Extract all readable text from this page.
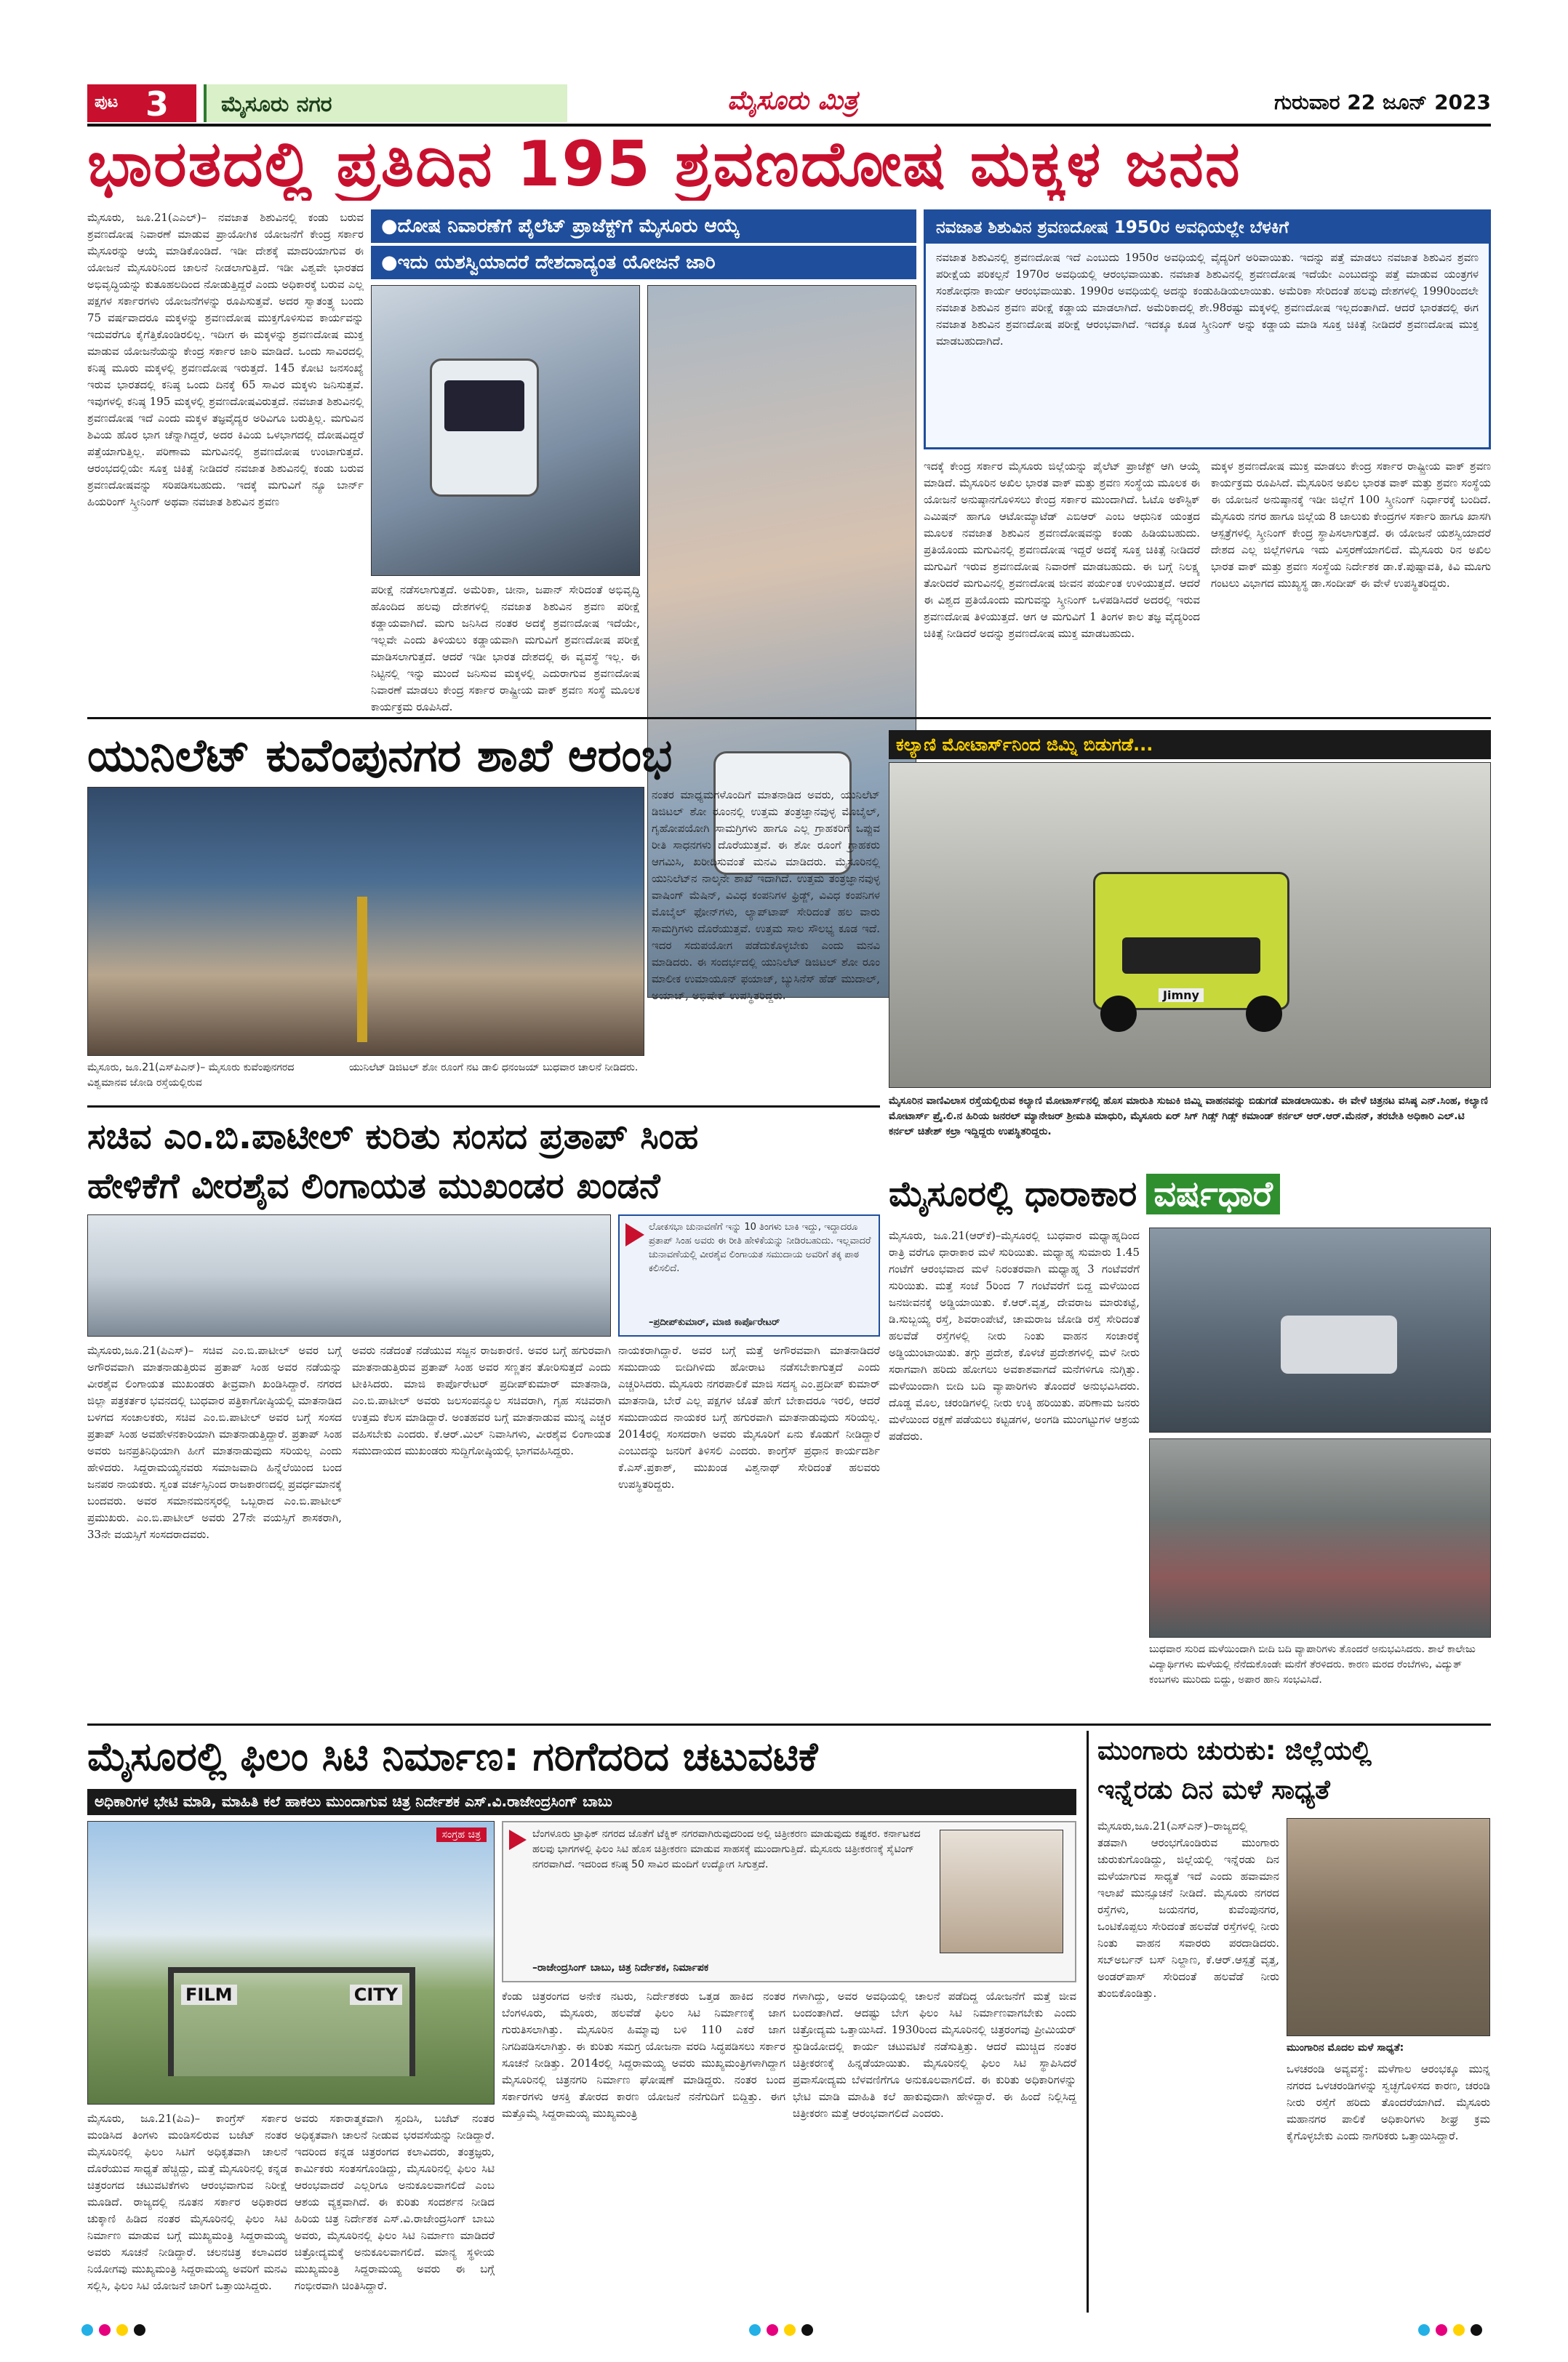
ಪುಟ 3 ಮೈಸೂರು ನಗರ	ಮೈಸೂರು ಮಿತ್ರ	ಗುರುವಾರ 22 ಜೂನ್ 2023
ಭಾರತದಲ್ಲಿ ಪ್ರತಿದಿನ 195 ಶ್ರವಣದೋಷ ಮಕ್ಕಳ ಜನನ

ಮೈಸೂರು, ಜೂ.21(ಎಎಲ್)– ನವಜಾತ ಶಿಶುವಿನಲ್ಲಿ ಕಂಡು ಬರುವ ಶ್ರವಣದೋಷ ನಿವಾರಣೆ ಮಾಡುವ ಪ್ರಾಯೋಗಿಕ ಯೋಜನೆಗೆ ಕೇಂದ್ರ ಸರ್ಕಾರ ಮೈಸೂರನ್ನು ಆಯ್ಕೆ ಮಾಡಿಕೊಂಡಿದೆ. ಇಡೀ ದೇಶಕ್ಕೆ ಮಾದರಿಯಾಗುವ ಈ ಯೋಜನೆ ಮೈಸೂರಿನಿಂದ ಚಾಲನೆ ನೀಡಲಾಗುತ್ತಿದೆ. ಇಡೀ ವಿಶ್ವವೇ ಭಾರತದ ಅಭಿವೃದ್ಧಿಯನ್ನು ಕುತೂಹಲದಿಂದ ನೋಡುತ್ತಿದ್ದರೆ ಎಂದು ಅಧಿಕಾರಕ್ಕೆ ಬರುವ ಎಲ್ಲ ಪಕ್ಷಗಳ ಸರ್ಕಾರಗಳು ಯೋಜನೆಗಳನ್ನು ರೂಪಿಸುತ್ತವೆ. ಅದರ ಸ್ವಾತಂತ್ರ್ಯ ಬಂದು 75 ವರ್ಷವಾದರೂ ಮಕ್ಕಳನ್ನು ಶ್ರವಣದೋಷ ಮುಕ್ತಗೊಳಿಸುವ ಕಾರ್ಯವನ್ನು ಇದುವರೆಗೂ ಕೈಗೆತ್ತಿಕೊಂಡಿರಲಿಲ್ಲ. ಇದೀಗ ಈ ಮಕ್ಕಳನ್ನು ಶ್ರವಣದೋಷ ಮುಕ್ತ ಮಾಡುವ ಯೋಜನೆಯನ್ನು ಕೇಂದ್ರ ಸರ್ಕಾರ ಜಾರಿ ಮಾಡಿದೆ. ಒಂದು ಸಾವಿರದಲ್ಲಿ ಕನಿಷ್ಠ ಮೂರು ಮಕ್ಕಳಲ್ಲಿ ಶ್ರವಣದೋಷ ಇರುತ್ತದೆ. 145 ಕೋಟಿ ಜನಸಂಖ್ಯೆ ಇರುವ ಭಾರತದಲ್ಲಿ ಕನಿಷ್ಠ ಒಂದು ದಿನಕ್ಕೆ 65 ಸಾವಿರ ಮಕ್ಕಳು ಜನಿಸುತ್ತವೆ. ಇವುಗಳಲ್ಲಿ ಕನಿಷ್ಠ 195 ಮಕ್ಕಳಲ್ಲಿ ಶ್ರವಣದೋಷವಿರುತ್ತದೆ. ನವಜಾತ ಶಿಶುವಿನಲ್ಲಿ ಶ್ರವಣದೋಷ ಇದೆ ಎಂದು ಮಕ್ಕಳ ತಜ್ಞವೈದ್ಯರ ಅರಿವಿಗೂ ಬರುತ್ತಿಲ್ಲ. ಮಗುವಿನ ಶಿವಿಯ ಹೊರ ಭಾಗ ಚೆನ್ನಾಗಿದ್ದರೆ, ಅದರ ಕಿವಿಯ ಒಳಭಾಗದಲ್ಲಿ ದೋಷವಿದ್ದರೆ ಪತ್ತೆಯಾಗುತ್ತಿಲ್ಲ. ಪರಿಣಾಮ ಮಗುವಿನಲ್ಲಿ ಶ್ರವಣದೋಷ ಉಂಟಾಗುತ್ತದೆ. ಆರಂಭದಲ್ಲಿಯೇ ಸೂಕ್ತ ಚಿಕಿತ್ಸೆ ನೀಡಿದರೆ ನವಜಾತ ಶಿಶುವಿನಲ್ಲಿ ಕಂಡು ಬರುವ ಶ್ರವಣದೋಷವನ್ನು ಸರಿಪಡಿಸಬಹುದು. ಇದಕ್ಕೆ ಮಗುವಿಗೆ ನ್ಯೂ ಬಾರ್ನ್ ಹಿಯರಿಂಗ್ ಸ್ಕ್ರೀನಿಂಗ್ ಅಥವಾ ನವಜಾತ ಶಿಶುವಿನ ಶ್ರವಣ

●ದೋಷ ನಿವಾರಣೆಗೆ ಪೈಲೆಟ್ ಪ್ರಾಜೆಕ್ಟ್‌ಗೆ ಮೈಸೂರು ಆಯ್ಕೆ
●ಇದು ಯಶಸ್ವಿಯಾದರೆ ದೇಶದಾದ್ಯಂತ ಯೋಜನೆ ಜಾರಿ

ಪರೀಕ್ಷೆ ನಡೆಸಲಾಗುತ್ತದೆ. ಅಮೆರಿಕಾ, ಚೀನಾ, ಜಪಾನ್ ಸೇರಿದಂತೆ ಅಭಿವೃದ್ಧಿ ಹೊಂದಿದ ಹಲವು ದೇಶಗಳಲ್ಲಿ ನವಜಾತ ಶಿಶುವಿನ ಶ್ರವಣ ಪರೀಕ್ಷೆ ಕಡ್ಡಾಯವಾಗಿದೆ. ಮಗು ಜನಿಸಿದ ನಂತರ ಅದಕ್ಕೆ ಶ್ರವಣದೋಷ ಇದೆಯೇ, ಇಲ್ಲವೇ ಎಂದು ತಿಳಿಯಲು ಕಡ್ಡಾಯವಾಗಿ ಮಗುವಿಗೆ ಶ್ರವಣದೋಷ ಪರೀಕ್ಷೆ ಮಾಡಿಸಲಾಗುತ್ತದೆ. ಆದರೆ ಇಡೀ ಭಾರತ ದೇಶದಲ್ಲಿ ಈ ವ್ಯವಸ್ಥೆ ಇಲ್ಲ. ಈ ನಿಟ್ಟಿನಲ್ಲಿ ಇನ್ನು ಮುಂದೆ ಜನಿಸುವ ಮಕ್ಕಳಲ್ಲಿ ಎದುರಾಗುವ ಶ್ರವಣದೋಷ ನಿವಾರಣೆ ಮಾಡಲು ಕೇಂದ್ರ ಸರ್ಕಾರ ರಾಷ್ಟ್ರೀಯ ವಾಕ್ ಶ್ರವಣ ಸಂಸ್ಥೆ ಮೂಲಕ ಕಾರ್ಯಕ್ರಮ ರೂಪಿಸಿದೆ.

ನವಜಾತ ಶಿಶುವಿನ ಶ್ರವಣದೋಷ 1950ರ ಅವಧಿಯಲ್ಲೇ ಬೆಳಕಿಗೆ

ನವಜಾತ ಶಿಶುವಿನಲ್ಲಿ ಶ್ರವಣದೋಷ ಇದೆ ಎಂಬುದು 1950ರ ಅವಧಿಯಲ್ಲಿ ವೈದ್ಯರಿಗೆ ಅರಿವಾಯಿತು. ಇದನ್ನು ಪತ್ತೆ ಮಾಡಲು ನವಜಾತ ಶಿಶುವಿನ ಶ್ರವಣ ಪರೀಕ್ಷೆಯ ಪರಿಕಲ್ಪನೆ 1970ರ ಅವಧಿಯಲ್ಲಿ ಆರಂಭವಾಯಿತು. ನವಜಾತ ಶಿಶುವಿನಲ್ಲಿ ಶ್ರವಣದೋಷ ಇದೆಯೇ ಎಂಬುದನ್ನು ಪತ್ತೆ ಮಾಡುವ ಯಂತ್ರಗಳ ಸಂಶೋಧನಾ ಕಾರ್ಯ ಆರಂಭವಾಯಿತು. 1990ರ ಅವಧಿಯಲ್ಲಿ ಅದನ್ನು ಕಂಡುಹಿಡಿಯಲಾಯಿತು. ಅಮೆರಿಕಾ ಸೇರಿದಂತೆ ಹಲವು ದೇಶಗಳಲ್ಲಿ 1990ರಿಂದಲೇ ನವಜಾತ ಶಿಶುವಿನ ಶ್ರವಣ ಪರೀಕ್ಷೆ ಕಡ್ಡಾಯ ಮಾಡಲಾಗಿದೆ. ಅಮೆರಿಕಾದಲ್ಲಿ ಶೇ.98ರಷ್ಟು ಮಕ್ಕಳಲ್ಲಿ ಶ್ರವಣದೋಷ ಇಲ್ಲದಂತಾಗಿದೆ. ಆದರೆ ಭಾರತದಲ್ಲಿ ಈಗ ನವಜಾತ ಶಿಶುವಿನ ಶ್ರವಣದೋಷ ಪರೀಕ್ಷೆ ಆರಂಭವಾಗಿದೆ. ಇದಕ್ಕೂ ಕೂಡ ಸ್ಕ್ರೀನಿಂಗ್ ಅನ್ನು ಕಡ್ಡಾಯ ಮಾಡಿ ಸೂಕ್ತ ಚಿಕಿತ್ಸೆ ನೀಡಿದರೆ ಶ್ರವಣದೋಷ ಮುಕ್ತ ಮಾಡಬಹುದಾಗಿದೆ.

ಇದಕ್ಕೆ ಕೇಂದ್ರ ಸರ್ಕಾರ ಮೈಸೂರು ಜಿಲ್ಲೆಯನ್ನು ಪೈಲೆಟ್ ಪ್ರಾಜೆಕ್ಟ್ ಆಗಿ ಆಯ್ಕೆ ಮಾಡಿದೆ. ಮೈಸೂರಿನ ಅಖಿಲ ಭಾರತ ವಾಕ್ ಮತ್ತು ಶ್ರವಣ ಸಂಸ್ಥೆಯ ಮೂಲಕ ಈ ಯೋಜನೆ ಅನುಷ್ಠಾನಗೊಳಿಸಲು ಕೇಂದ್ರ ಸರ್ಕಾರ ಮುಂದಾಗಿದೆ. ಓಟೊ ಅಕೌಸ್ಟಿಕ್ ಎಮಿಷನ್ ಹಾಗೂ ಆಟೋಮ್ಯಾಟೆಡ್ ಎಬಿಆರ್ ಎಂಬ ಆಧುನಿಕ ಯಂತ್ರದ ಮೂಲಕ ನವಜಾತ ಶಿಶುವಿನ ಶ್ರವಣದೋಷವನ್ನು ಕಂಡು ಹಿಡಿಯಬಹುದು. ಪ್ರತಿಯೊಂದು ಮಗುವಿನಲ್ಲಿ ಶ್ರವಣದೋಷ ಇದ್ದರೆ ಅದಕ್ಕೆ ಸೂಕ್ತ ಚಿಕಿತ್ಸೆ ನೀಡಿದರೆ ಮಗುವಿಗೆ ಇರುವ ಶ್ರವಣದೋಷ ನಿವಾರಣೆ ಮಾಡಬಹುದು. ಈ ಬಗ್ಗೆ ನಿಲಕ್ಷ್ಯ ತೋರಿದರೆ ಮಗುವಿನಲ್ಲಿ ಶ್ರವಣದೋಷ ಜೀವನ ಪರ್ಯಂತ ಉಳಿಯುತ್ತದೆ. ಆದರೆ ಈ ವಿಶ್ವದ ಪ್ರತಿಯೊಂದು ಮಗುವನ್ನು ಸ್ಕ್ರೀನಿಂಗ್ ಒಳಪಡಿಸಿದರೆ ಅದರಲ್ಲಿ ಇರುವ ಶ್ರವಣದೋಷ ತಿಳಿಯುತ್ತದೆ. ಆಗ ಆ ಮಗುವಿಗೆ 1 ತಿಂಗಳ ಕಾಲ ತಜ್ಞ ವೈದ್ಯರಿಂದ ಚಿಕಿತ್ಸೆ ನೀಡಿದರೆ ಅದನ್ನು ಶ್ರವಣದೋಷ ಮುಕ್ತ ಮಾಡಬಹುದು.

ಮಕ್ಕಳ ಶ್ರವಣದೋಷ ಮುಕ್ತ ಮಾಡಲು ಕೇಂದ್ರ ಸರ್ಕಾರ ರಾಷ್ಟ್ರೀಯ ವಾಕ್ ಶ್ರವಣ ಕಾರ್ಯಕ್ರಮ ರೂಪಿಸಿದೆ. ಮೈಸೂರಿನ ಅಖಿಲ ಭಾರತ ವಾಕ್ ಮತ್ತು ಶ್ರವಣ ಸಂಸ್ಥೆಯ ಈ ಯೋಜನೆ ಅನುಷ್ಠಾನಕ್ಕೆ ಇಡೀ ಜಿಲ್ಲೆಗೆ 100 ಸ್ಕ್ರೀನಿಂಗ್ ನಿರ್ಧಾರಕ್ಕೆ ಬಂದಿದೆ. ಮೈಸೂರು ನಗರ ಹಾಗೂ ಜಿಲ್ಲೆಯ 8 ಜಾಲುಕು ಕೇಂದ್ರಗಳ ಸರ್ಕಾರಿ ಹಾಗೂ ಖಾಸಗಿ ಆಸ್ಪತ್ರೆಗಳಲ್ಲಿ ಸ್ಕ್ರೀನಿಂಗ್ ಕೇಂದ್ರ ಸ್ಥಾಪಿಸಲಾಗುತ್ತದೆ. ಈ ಯೋಜನೆ ಯಶಸ್ವಿಯಾದರೆ ದೇಶದ ಎಲ್ಲ ಜಿಲ್ಲೆಗಳಿಗೂ ಇದು ವಿಸ್ತರಣೆಯಾಗಲಿದೆ. ಮೈಸೂರು ರಿನ ಅಖಿಲ ಭಾರತ ವಾಕ್ ಮತ್ತು ಶ್ರವಣ ಸಂಸ್ಥೆಯ ನಿರ್ದೇಶಕ ಡಾ.ಕೆ.ಪುಷ್ಪಾವತಿ, ಕಿವಿ ಮೂಗು ಗಂಟಲು ವಿಭಾಗದ ಮುಖ್ಯಸ್ಥ ಡಾ.ಸಂದೀಪ್ ಈ ವೇಳೆ ಉಪಸ್ಥಿತರಿದ್ದರು.

ಯುನಿಲೆಟ್ ಕುವೆಂಪುನಗರ ಶಾಖೆ ಆರಂಭ
ಮೈಸೂರು, ಜೂ.21(ಎಸ್‌ಪಿಎನ್)– ಮೈಸೂರು ಕುವೆಂಪುನಗರದ ವಿಶ್ವಮಾನವ ಜೋಡಿ ರಸ್ತೆಯಲ್ಲಿರುವ
ಯುನಿಲೆಟ್ ಡಿಜಿಟಲ್ ಶೋ ರೂಂಗೆ ನಟ ಡಾಲಿ ಧನಂಜಯ್ ಬುಧವಾರ ಚಾಲನೆ ನೀಡಿದರು.

ನಂತರ ಮಾಧ್ಯಮಗಳೊಂದಿಗೆ ಮಾತನಾಡಿದ ಅವರು, ಯುನಿಲೆಟ್ ಡಿಜಿಟಲ್ ಶೋ ರೂಂನಲ್ಲಿ ಉತ್ತಮ ತಂತ್ರಜ್ಞಾನವುಳ್ಳ ಮೊಬೈಲ್, ಗೃಹೋಪಯೋಗಿ ಸಾಮಗ್ರಿಗಳು ಹಾಗೂ ಎಲ್ಲ ಗ್ರಾಹಕರಿಗೆ ಒಪ್ಪುವ ರೀತಿ ಸಾಧನಗಳು ದೊರೆಯುತ್ತವೆ. ಈ ಶೋ ರೂಂಗೆ ಗ್ರಾಹಕರು ಆಗಮಿಸಿ, ಖರೀದಿಸುವಂತೆ ಮನವಿ ಮಾಡಿದರು. ಮೈಸೂರಿನಲ್ಲಿ ಯುನಿಲೆಟ್‌ನ ನಾಲ್ಕನೇ ಶಾಖೆ ಇದಾಗಿದೆ. ಉತ್ತಮ ತಂತ್ರಜ್ಞಾನವುಳ್ಳ ವಾಷಿಂಗ್ ಮೆಷಿನ್, ವಿವಿಧ ಕಂಪನಿಗಳ ಫ್ರಿಡ್ಜ್, ವಿವಿಧ ಕಂಪನಿಗಳ ಮೊಬೈಲ್ ಫೋನ್‌ಗಳು, ಲ್ಯಾಪ್‌ಟಾಪ್ ಸೇರಿದಂತೆ ಹಲ ವಾರು ಸಾಮಗ್ರಿಗಳು ದೊರೆಯುತ್ತವೆ. ಉತ್ತಮ ಸಾಲ ಸೌಲಭ್ಯ ಕೂಡ ಇದೆ. ಇದರ ಸದುಪಯೋಗ ಪಡೆದುಕೊಳ್ಳಬೇಕು ಎಂದು ಮನವಿ ಮಾಡಿದರು. ಈ ಸಂದರ್ಭದಲ್ಲಿ ಯುನಿಲೆಟ್ ಡಿಜಿಟಲ್ ಶೋ ರೂಂ ಮಾಲೀಕ ಉಮಾಯೂನ್ ಫಯಾಜ್, ಬ್ಯುಸಿನೆಸ್ ಹೆಡ್ ಮುದಾಲ್, ಅಯಾಜ್, ಅಭಿಷೇಕ್ ಉಪಸ್ಥಿತರಿದ್ದರು.

ಕಲ್ಯಾಣಿ ಮೋಟಾರ್ಸ್‌ನಿಂದ ಜಿಮ್ನಿ ಬಿಡುಗಡೆ...
Jimny
ಮೈಸೂರಿನ ವಾಣಿವಿಲಾಸ ರಸ್ತೆಯಲ್ಲಿರುವ ಕಲ್ಯಾಣಿ ಮೋಟಾರ್ಸ್‌ನಲ್ಲಿ ಹೊಸ ಮಾರುತಿ ಸುಜುಕಿ ಜಿಮ್ನಿ ವಾಹನವನ್ನು ಬಿಡುಗಡೆ ಮಾಡಲಾಯಿತು. ಈ ವೇಳೆ ಚಿತ್ರನಟ ವಸಿಷ್ಠ ಎನ್.ಸಿಂಹ, ಕಲ್ಯಾಣಿ ಮೋಟಾರ್ಸ್ ಪ್ರೈ.ಲಿ.ನ ಹಿರಿಯ ಜನರಲ್ ಮ್ಯಾನೇಜರ್ ಶ್ರೀಮತಿ ಮಾಧುರಿ, ಮೈಸೂರು ಏರ್ ಸಿಗ್ ಗಿಡ್ಸ್ ಗಿಡ್ಸ್‌ ಕಮಾಂಡ್ ಕರ್ನಲ್ ಆರ್.ಆರ್.ಮೆನನ್, ತರಬೇತಿ ಅಧಿಕಾರಿ ಎಲ್.ಟಿ ಕರ್ನಲ್ ಚಿತೇಶ್ ಕಲ್ರಾ ಇದ್ದಿದ್ದರು ಉಪಸ್ಥಿತರಿದ್ದರು.
ಸಚಿವ ಎಂ.ಬಿ.ಪಾಟೀಲ್ ಕುರಿತು ಸಂಸದ ಪ್ರತಾಪ್ ಸಿಂಹ
ಹೇಳಿಕೆಗೆ ವೀರಶೈವ ಲಿಂಗಾಯತ ಮುಖಂಡರ ಖಂಡನೆ
ಲೋಕಸಭಾ ಚುನಾವಣೆಗೆ ಇನ್ನು 10 ತಿಂಗಳು ಬಾಕಿ ಇದ್ದು, ಇದ್ದಾದರೂ ಪ್ರತಾಪ್ ಸಿಂಹ ಅವರು ಈ ರೀತಿ ಹೇಳಿಕೆಯನ್ನು ನೀಡಿರಬಹುದು. ಇಲ್ಲವಾದರೆ ಚುನಾವಣೆಯಲ್ಲಿ ವೀರಶೈವ ಲಿಂಗಾಯತ ಸಮುದಾಯ ಅವರಿಗೆ ತಕ್ಕ ಪಾಠ ಕಲಿಸಲಿದೆ.
–ಪ್ರದೀಪ್‌ಕುಮಾರ್, ಮಾಜಿ ಕಾರ್ಪೊರೇಟರ್

ಮೈಸೂರು,ಜೂ.21(ಪಿಎಸ್)– ಸಚಿವ ಎಂ.ಬಿ.ಪಾಟೀಲ್ ಅವರ ಬಗ್ಗೆ ಅಗೌರವವಾಗಿ ಮಾತನಾಡುತ್ತಿರುವ ಪ್ರತಾಪ್ ಸಿಂಹ ಅವರ ನಡೆಯನ್ನು ವೀರಶೈವ ಲಿಂಗಾಯತ ಮುಖಂಡರು ತೀವ್ರವಾಗಿ ಖಂಡಿಸಿದ್ದಾರೆ. ನಗರದ ಜಿಲ್ಲಾ ಪತ್ರಕರ್ತರ ಭವನದಲ್ಲಿ ಬುಧವಾರ ಪತ್ರಿಕಾಗೋಷ್ಠಿಯಲ್ಲಿ ಮಾತನಾಡಿದ ಬಳಗದ ಸಂಚಾಲಕರು, ಸಚಿವ ಎಂ.ಬಿ.ಪಾಟೀಲ್ ಅವರ ಬಗ್ಗೆ ಸಂಸದ ಪ್ರತಾಪ್ ಸಿಂಹ ಅವಹೇಳನಕಾರಿಯಾಗಿ ಮಾತನಾಡುತ್ತಿದ್ದಾರೆ. ಪ್ರತಾಪ್ ಸಿಂಹ ಅವರು ಜನಪ್ರತಿನಿಧಿಯಾಗಿ ಹೀಗೆ ಮಾತನಾಡುವುದು ಸರಿಯಲ್ಲ ಎಂದು ಹೇಳಿದರು. ಸಿದ್ದರಾಮಯ್ಯನವರು ಸಮಾಜವಾದಿ ಹಿನ್ನೆಲೆಯಿಂದ ಬಂದ ಜನಪರ ನಾಯಕರು. ಸ್ವಂತ ವರ್ಚಸ್ಸಿನಿಂದ ರಾಜಕಾರಣದಲ್ಲಿ ಪ್ರವರ್ಧಮಾನಕ್ಕೆ ಬಂದವರು. ಅವರ ಸಮಾನಮನಸ್ಕರಲ್ಲಿ ಒಬ್ಬರಾದ ಎಂ.ಬಿ.ಪಾಟೀಲ್ ಪ್ರಮುಖರು. ಎಂ.ಬಿ.ಪಾಟೀಲ್ ಅವರು 27ನೇ ವಯಸ್ಸಿಗೆ ಶಾಸಕರಾಗಿ, 33ನೇ ವಯಸ್ಸಿಗೆ ಸಂಸದರಾದವರು.

ಅವರು ನಡೆದಂತೆ ನಡೆಯುವ ಸಜ್ಜನ ರಾಜಕಾರಣಿ. ಅವರ ಬಗ್ಗೆ ಹಗುರವಾಗಿ ಮಾತನಾಡುತ್ತಿರುವ ಪ್ರತಾಪ್ ಸಿಂಹ ಅವರ ಸಣ್ಣತನ ತೋರಿಸುತ್ತದೆ ಎಂದು ಟೀಕಿಸಿದರು. ಮಾಜಿ ಕಾರ್ಪೊರೇಟರ್ ಪ್ರದೀಪ್‌ಕುಮಾರ್ ಮಾತನಾಡಿ, ಎಂ.ಬಿ.ಪಾಟೀಲ್ ಅವರು ಜಲಸಂಪನ್ಮೂಲ ಸಚಿವರಾಗಿ, ಗೃಹ ಸಚಿವರಾಗಿ ಉತ್ತಮ ಕೆಲಸ ಮಾಡಿದ್ದಾರೆ. ಅಂತಹವರ ಬಗ್ಗೆ ಮಾತನಾಡುವ ಮುನ್ನ ಎಚ್ಚರ ವಹಿಸಬೇಕು ಎಂದರು. ಕೆ.ಆರ್.ಮಿಲ್ ನಿವಾಸಿಗಳು, ವೀರಶೈವ ಲಿಂಗಾಯತ ಸಮುದಾಯದ ಮುಖಂಡರು ಸುದ್ದಿಗೋಷ್ಠಿಯಲ್ಲಿ ಭಾಗವಹಿಸಿದ್ದರು.

ನಾಯಕರಾಗಿದ್ದಾರೆ. ಅವರ ಬಗ್ಗೆ ಮತ್ತೆ ಅಗೌರವವಾಗಿ ಮಾತನಾಡಿದರೆ ಸಮುದಾಯ ಬೀದಿಗಿಳಿದು ಹೋರಾಟ ನಡೆಸಬೇಕಾಗುತ್ತದೆ ಎಂದು ಎಚ್ಚರಿಸಿದರು. ಮೈಸೂರು ನಗರಪಾಲಿಕೆ ಮಾಜಿ ಸದಸ್ಯ ಎಂ.ಪ್ರದೀಪ್ ಕುಮಾರ್ ಮಾತನಾಡಿ, ಬೇರೆ ಎಲ್ಲ ಪಕ್ಷಗಳ ಜೊತೆ ಹೇಗೆ ಬೇಕಾದರೂ ಇರಲಿ, ಆದರೆ ಸಮುದಾಯದ ನಾಯಕರ ಬಗ್ಗೆ ಹಗುರವಾಗಿ ಮಾತನಾಡುವುದು ಸರಿಯಲ್ಲ. 2014ರಲ್ಲಿ ಸಂಸದರಾಗಿ ಅವರು ಮೈಸೂರಿಗೆ ಏನು ಕೊಡುಗೆ ನೀಡಿದ್ದಾರೆ ಎಂಬುದನ್ನು ಜನರಿಗೆ ತಿಳಿಸಲಿ ಎಂದರು. ಕಾಂಗ್ರೆಸ್ ಪ್ರಧಾನ ಕಾರ್ಯದರ್ಶಿ ಕೆ.ಎಸ್.ಪ್ರಕಾಶ್, ಮುಖಂಡ ವಿಶ್ವನಾಥ್ ಸೇರಿದಂತೆ ಹಲವರು ಉಪಸ್ಥಿತರಿದ್ದರು.

ಮೈಸೂರಲ್ಲಿ ಧಾರಾಕಾರ ವರ್ಷಧಾರೆ

ಮೈಸೂರು, ಜೂ.21(ಆರ್‌ಕೆ)–ಮೈಸೂರಲ್ಲಿ ಬುಧವಾರ ಮಧ್ಯಾಹ್ನದಿಂದ ರಾತ್ರಿ ವರೆಗೂ ಧಾರಾಕಾರ ಮಳೆ ಸುರಿಯಿತು. ಮಧ್ಯಾಹ್ನ ಸುಮಾರು 1.45 ಗಂಟೆಗೆ ಆರಂಭವಾದ ಮಳೆ ನಿರಂತರವಾಗಿ ಮಧ್ಯಾಹ್ನ 3 ಗಂಟೆವರೆಗೆ ಸುರಿಯಿತು. ಮತ್ತೆ ಸಂಜೆ 5ರಿಂದ 7 ಗಂಟೆವರೆಗೆ ಬಿದ್ದ ಮಳೆಯಿಂದ ಜನಜೀವನಕ್ಕೆ ಅಡ್ಡಿಯಾಯಿತು. ಕೆ.ಆರ್.ವೃತ್ತ, ದೇವರಾಜ ಮಾರುಕಟ್ಟೆ, ಡಿ.ಸುಬ್ಬಯ್ಯ ರಸ್ತೆ, ಶಿವರಾಂಪೇಟೆ, ಚಾಮರಾಜ ಜೋಡಿ ರಸ್ತೆ ಸೇರಿದಂತೆ ಹಲವೆಡೆ ರಸ್ತೆಗಳಲ್ಲಿ ನೀರು ನಿಂತು ವಾಹನ ಸಂಚಾರಕ್ಕೆ ಅಡ್ಡಿಯುಂಟಾಯಿತು. ತಗ್ಗು ಪ್ರದೇಶ, ಕೊಳಚೆ ಪ್ರದೇಶಗಳಲ್ಲಿ ಮಳೆ ನೀರು ಸರಾಗವಾಗಿ ಹರಿದು ಹೋಗಲು ಅವಕಾಶವಾಗದೆ ಮನೆಗಳಿಗೂ ನುಗ್ಗಿತ್ತು. ಮಳೆಯಿಂದಾಗಿ ಬೀದಿ ಬದಿ ವ್ಯಾಪಾರಿಗಳು ತೊಂದರೆ ಅನುಭವಿಸಿದರು. ದೊಡ್ಡ ಮೊಲ, ಚರಂಡಿಗಳಲ್ಲಿ ನೀರು ಉಕ್ಕಿ ಹರಿಯಿತು. ಪರಿಣಾಮ ಜನರು ಮಳೆಯಿಂದ ರಕ್ಷಣೆ ಪಡೆಯಲು ಕಟ್ಟಡಗಳ, ಅಂಗಡಿ ಮುಂಗಟ್ಟುಗಳ ಆಶ್ರಯ ಪಡೆದರು.

ಬುಧವಾರ ಸುರಿದ ಮಳೆಯಿಂದಾಗಿ ಬೀದಿ ಬದಿ ವ್ಯಾಪಾರಿಗಳು ತೊಂದರೆ ಅನುಭವಿಸಿದರು. ಶಾಲೆ ಕಾಲೇಜು ವಿದ್ಯಾರ್ಥಿಗಳು ಮಳೆಯಲ್ಲಿ ನೆನೆದುಕೊಂಡೇ ಮನೆಗೆ ತೆರಳಿದರು. ಕಾರಣ ಮರದ ರೆಂಬೆಗಳು, ವಿದ್ಯುತ್ ಕಂಬಗಳು ಮುರಿದು ಬಿದ್ದು, ಅಪಾರ ಹಾನಿ ಸಂಭವಿಸಿದೆ.
ಮೈಸೂರಲ್ಲಿ ಫಿಲಂ ಸಿಟಿ ನಿರ್ಮಾಣ: ಗರಿಗೆದರಿದ ಚಟುವಟಿಕೆ
ಅಧಿಕಾರಿಗಳ ಭೇಟಿ ಮಾಡಿ, ಮಾಹಿತಿ ಕಲೆ ಹಾಕಲು ಮುಂದಾಗುವ ಚಿತ್ರ ನಿರ್ದೇಶಕ ಎಸ್.ವಿ.ರಾಜೇಂದ್ರಸಿಂಗ್ ಬಾಬು
ಸಂಗ್ರಹ ಚಿತ್ರ
FILM	CITY
ಬೆಂಗಳೂರು ಟ್ರಾಫಿಕ್ ನಗರದ ಜೊತೆಗೆ ಟೆಕ್ನಿಕ್ ನಗರವಾಗಿರುವುದರಿಂದ ಅಲ್ಲಿ ಚಿತ್ರೀಕರಣ ಮಾಡುವುದು ಕಷ್ಟಕರ. ಕರ್ನಾಟಕದ ಹಲವು ಭಾಗಗಳಲ್ಲಿ ಫಿಲಂ ಸಿಟಿ ಹೊಸ ಚಿತ್ರೀಕರಣ ಮಾಡುವ ಸಾಹಸಕ್ಕೆ ಮುಂದಾಗುತ್ತಿದೆ. ಮೈಸೂರು ಚಿತ್ರೀಕರಣಕ್ಕೆ ಸೈಟಿಂಗ್ ನಗರವಾಗಿದೆ. ಇದರಿಂದ ಕನಿಷ್ಠ 50 ಸಾವಿರ ಮಂದಿಗೆ ಉದ್ಯೋಗ ಸಿಗುತ್ತದೆ.
–ರಾಜೇಂದ್ರಸಿಂಗ್ ಬಾಬು, ಚಿತ್ರ ನಿರ್ದೇಶಕ, ನಿರ್ಮಾಪಕ

ಕೆಂಡು ಚಿತ್ರರಂಗದ ಅನೇಕ ನಟರು, ನಿರ್ದೇಶಕರು ಒತ್ತಡ ಹಾಕಿದ ನಂತರ ಬೆಂಗಳೂರು, ಮೈಸೂರು, ಹಲವೆಡೆ ಫಿಲಂ ಸಿಟಿ ನಿರ್ಮಾಣಕ್ಕೆ ಜಾಗ ಗುರುತಿಸಲಾಗಿತ್ತು. ಮೈಸೂರಿನ ಹಿಮ್ಮಾವು ಬಳಿ 110 ಎಕರೆ ಜಾಗ ನಿಗದಿಪಡಿಸಲಾಗಿತ್ತು. ಈ ಕುರಿತು ಸಮಗ್ರ ಯೋಜನಾ ವರದಿ ಸಿದ್ಧಪಡಿಸಲು ಸರ್ಕಾರ ಸೂಚನೆ ನೀಡಿತ್ತು. 2014ರಲ್ಲಿ ಸಿದ್ದರಾಮಯ್ಯ ಅವರು ಮುಖ್ಯಮಂತ್ರಿಗಳಾಗಿದ್ದಾಗ ಮೈಸೂರಿನಲ್ಲಿ ಚಿತ್ರನಗರಿ ನಿರ್ಮಾಣ ಘೋಷಣೆ ಮಾಡಿದ್ದರು. ನಂತರ ಬಂದ ಸರ್ಕಾರಗಳು ಆಸಕ್ತಿ ತೋರದ ಕಾರಣ ಯೋಜನೆ ನನೆಗುದಿಗೆ ಬಿದ್ದಿತ್ತು. ಈಗ ಮತ್ತೊಮ್ಮೆ ಸಿದ್ದರಾಮಯ್ಯ ಮುಖ್ಯಮಂತ್ರಿ

ಗಳಾಗಿದ್ದು, ಅವರ ಅವಧಿಯಲ್ಲಿ ಚಾಲನೆ ಪಡೆದಿದ್ದ ಯೋಜನೆಗೆ ಮತ್ತೆ ಜೀವ ಬಂದಂತಾಗಿದೆ. ಆದಷ್ಟು ಬೇಗ ಫಿಲಂ ಸಿಟಿ ನಿರ್ಮಾಣವಾಗಬೇಕು ಎಂದು ಚಿತ್ರೋದ್ಯಮ ಒತ್ತಾಯಿಸಿದೆ. 1930ರಿಂದ ಮೈಸೂರಿನಲ್ಲಿ ಚಿತ್ರರಂಗವು ಪ್ರೀಮಿಯರ್ ಸ್ಟುಡಿಯೋದಲ್ಲಿ ಕಾರ್ಯ ಚಟುವಟಿಕೆ ನಡೆಸುತ್ತಿತ್ತು. ಆದರೆ ಮುಚ್ಚಿದ ನಂತರ ಚಿತ್ರೀಕರಣಕ್ಕೆ ಹಿನ್ನಡೆಯಾಯಿತು. ಮೈಸೂರಿನಲ್ಲಿ ಫಿಲಂ ಸಿಟಿ ಸ್ಥಾಪಿಸಿದರೆ ಪ್ರವಾಸೋದ್ಯಮ ಬೆಳವಣಿಗೆಗೂ ಅನುಕೂಲವಾಗಲಿದೆ. ಈ ಕುರಿತು ಅಧಿಕಾರಿಗಳನ್ನು ಭೇಟಿ ಮಾಡಿ ಮಾಹಿತಿ ಕಲೆ ಹಾಕುವುದಾಗಿ ಹೇಳಿದ್ದಾರೆ. ಈ ಹಿಂದೆ ನಿಲ್ಲಿಸಿದ್ದ ಚಿತ್ರೀಕರಣ ಮತ್ತೆ ಆರಂಭವಾಗಲಿದೆ ಎಂದರು.

ಮೈಸೂರು, ಜೂ.21(ಪಿಎ)– ಕಾಂಗ್ರೆಸ್ ಸರ್ಕಾರ ಮಂಡಿಸಿದ ತಿಂಗಳು ಮಂಡಿಸಲಿರುವ ಬಜೆಟ್ ನಂತರ ಮೈಸೂರಿನಲ್ಲಿ ಫಿಲಂ ಸಿಟಿಗೆ ಅಧಿಕೃತವಾಗಿ ಚಾಲನೆ ದೊರೆಯುವ ಸಾಧ್ಯತೆ ಹೆಚ್ಚಿದ್ದು, ಮತ್ತೆ ಮೈಸೂರಿನಲ್ಲಿ ಕನ್ನಡ ಚಿತ್ರರಂಗದ ಚಟುವಟಿಕೆಗಳು ಆರಂಭವಾಗುವ ನಿರೀಕ್ಷೆ ಮೂಡಿದೆ. ರಾಜ್ಯದಲ್ಲಿ ನೂತನ ಸರ್ಕಾರ ಅಧಿಕಾರದ ಚುಕ್ಕಾಣಿ ಹಿಡಿದ ನಂತರ ಮೈಸೂರಿನಲ್ಲಿ ಫಿಲಂ ಸಿಟಿ ನಿರ್ಮಾಣ ಮಾಡುವ ಬಗ್ಗೆ ಮುಖ್ಯಮಂತ್ರಿ ಸಿದ್ದರಾಮಯ್ಯ ಅವರು ಸೂಚನೆ ನೀಡಿದ್ದಾರೆ. ಚಲನಚಿತ್ರ ಕಲಾವಿದರ ನಿಯೋಗವು ಮುಖ್ಯಮಂತ್ರಿ ಸಿದ್ದರಾಮಯ್ಯ ಅವರಿಗೆ ಮನವಿ ಸಲ್ಲಿಸಿ, ಫಿಲಂ ಸಿಟಿ ಯೋಜನೆ ಜಾರಿಗೆ ಒತ್ತಾಯಿಸಿದ್ದರು.

ಅವರು ಸಕಾರಾತ್ಮಕವಾಗಿ ಸ್ಪಂದಿಸಿ, ಬಜೆಟ್ ನಂತರ ಅಧಿಕೃತವಾಗಿ ಚಾಲನೆ ನೀಡುವ ಭರವಸೆಯನ್ನು ನೀಡಿದ್ದಾರೆ. ಇದರಿಂದ ಕನ್ನಡ ಚಿತ್ರರಂಗದ ಕಲಾವಿದರು, ತಂತ್ರಜ್ಞರು, ಕಾರ್ಮಿಕರು ಸಂತಸಗೊಂಡಿದ್ದು, ಮೈಸೂರಿನಲ್ಲಿ ಫಿಲಂ ಸಿಟಿ ಆರಂಭವಾದರೆ ಎಲ್ಲರಿಗೂ ಅನುಕೂಲವಾಗಲಿದೆ ಎಂಬ ಆಶಯ ವ್ಯಕ್ತವಾಗಿದೆ. ಈ ಕುರಿತು ಸಂದರ್ಶನ ನೀಡಿದ ಹಿರಿಯ ಚಿತ್ರ ನಿರ್ದೇಶಕ ಎಸ್.ವಿ.ರಾಜೇಂದ್ರಸಿಂಗ್ ಬಾಬು ಅವರು, ಮೈಸೂರಿನಲ್ಲಿ ಫಿಲಂ ಸಿಟಿ ನಿರ್ಮಾಣ ಮಾಡಿದರೆ ಚಿತ್ರೋದ್ಯಮಕ್ಕೆ ಅನುಕೂಲವಾಗಲಿದೆ. ಮಾನ್ಯ ಸ್ಥಳೀಯ ಮುಖ್ಯಮಂತ್ರಿ ಸಿದ್ದರಾಮಯ್ಯ ಅವರು ಈ ಬಗ್ಗೆ ಗಂಭೀರವಾಗಿ ಚಿಂತಿಸಿದ್ದಾರೆ.

ಮುಂಗಾರು ಚುರುಕು: ಜಿಲ್ಲೆಯಲ್ಲಿ
ಇನ್ನೆರಡು ದಿನ ಮಳೆ ಸಾಧ್ಯತೆ

ಮೈಸೂರು,ಜೂ.21(ಎಸ್‌ಎನ್)–ರಾಜ್ಯದಲ್ಲಿ ತಡವಾಗಿ ಆರಂಭಗೊಂಡಿರುವ ಮುಂಗಾರು ಚುರುಕುಗೊಂಡಿದ್ದು, ಜಿಲ್ಲೆಯಲ್ಲಿ ಇನ್ನೆರಡು ದಿನ ಮಳೆಯಾಗುವ ಸಾಧ್ಯತೆ ಇದೆ ಎಂದು ಹವಾಮಾನ ಇಲಾಖೆ ಮುನ್ಸೂಚನೆ ನೀಡಿದೆ. ಮೈಸೂರು ನಗರದ ರಸ್ತೆಗಳು, ಜಯನಗರ, ಕುವೆಂಪುನಗರ, ಒಂಟಿಕೊಪ್ಪಲು ಸೇರಿದಂತೆ ಹಲವೆಡೆ ರಸ್ತೆಗಳಲ್ಲಿ ನೀರು ನಿಂತು ವಾಹನ ಸವಾರರು ಪರದಾಡಿದರು. ಸಬ್‌ಅರ್ಬನ್ ಬಸ್ ನಿಲ್ದಾಣ, ಕೆ.ಆರ್.ಆಸ್ಪತ್ರೆ ವೃತ್ತ, ಅಂಡರ್‌ಪಾಸ್ ಸೇರಿದಂತೆ ಹಲವೆಡೆ ನೀರು ತುಂಬಿಕೊಂಡಿತ್ತು.

ಮುಂಗಾರಿನ ಮೊದಲ ಮಳೆ ಸಾಧ್ಯತೆ:

ಒಳಚರಂಡಿ ಅವ್ಯವಸ್ಥೆ: ಮಳೆಗಾಲ ಆರಂಭಕ್ಕೂ ಮುನ್ನ ನಗರದ ಒಳಚರಂಡಿಗಳನ್ನು ಸ್ವಚ್ಛಗೊಳಿಸದ ಕಾರಣ, ಚರಂಡಿ ನೀರು ರಸ್ತೆಗೆ ಹರಿದು ತೊಂದರೆಯಾಗಿದೆ. ಮೈಸೂರು ಮಹಾನಗರ ಪಾಲಿಕೆ ಅಧಿಕಾರಿಗಳು ಶೀಘ್ರ ಕ್ರಮ ಕೈಗೊಳ್ಳಬೇಕು ಎಂದು ನಾಗರಿಕರು ಒತ್ತಾಯಿಸಿದ್ದಾರೆ.
